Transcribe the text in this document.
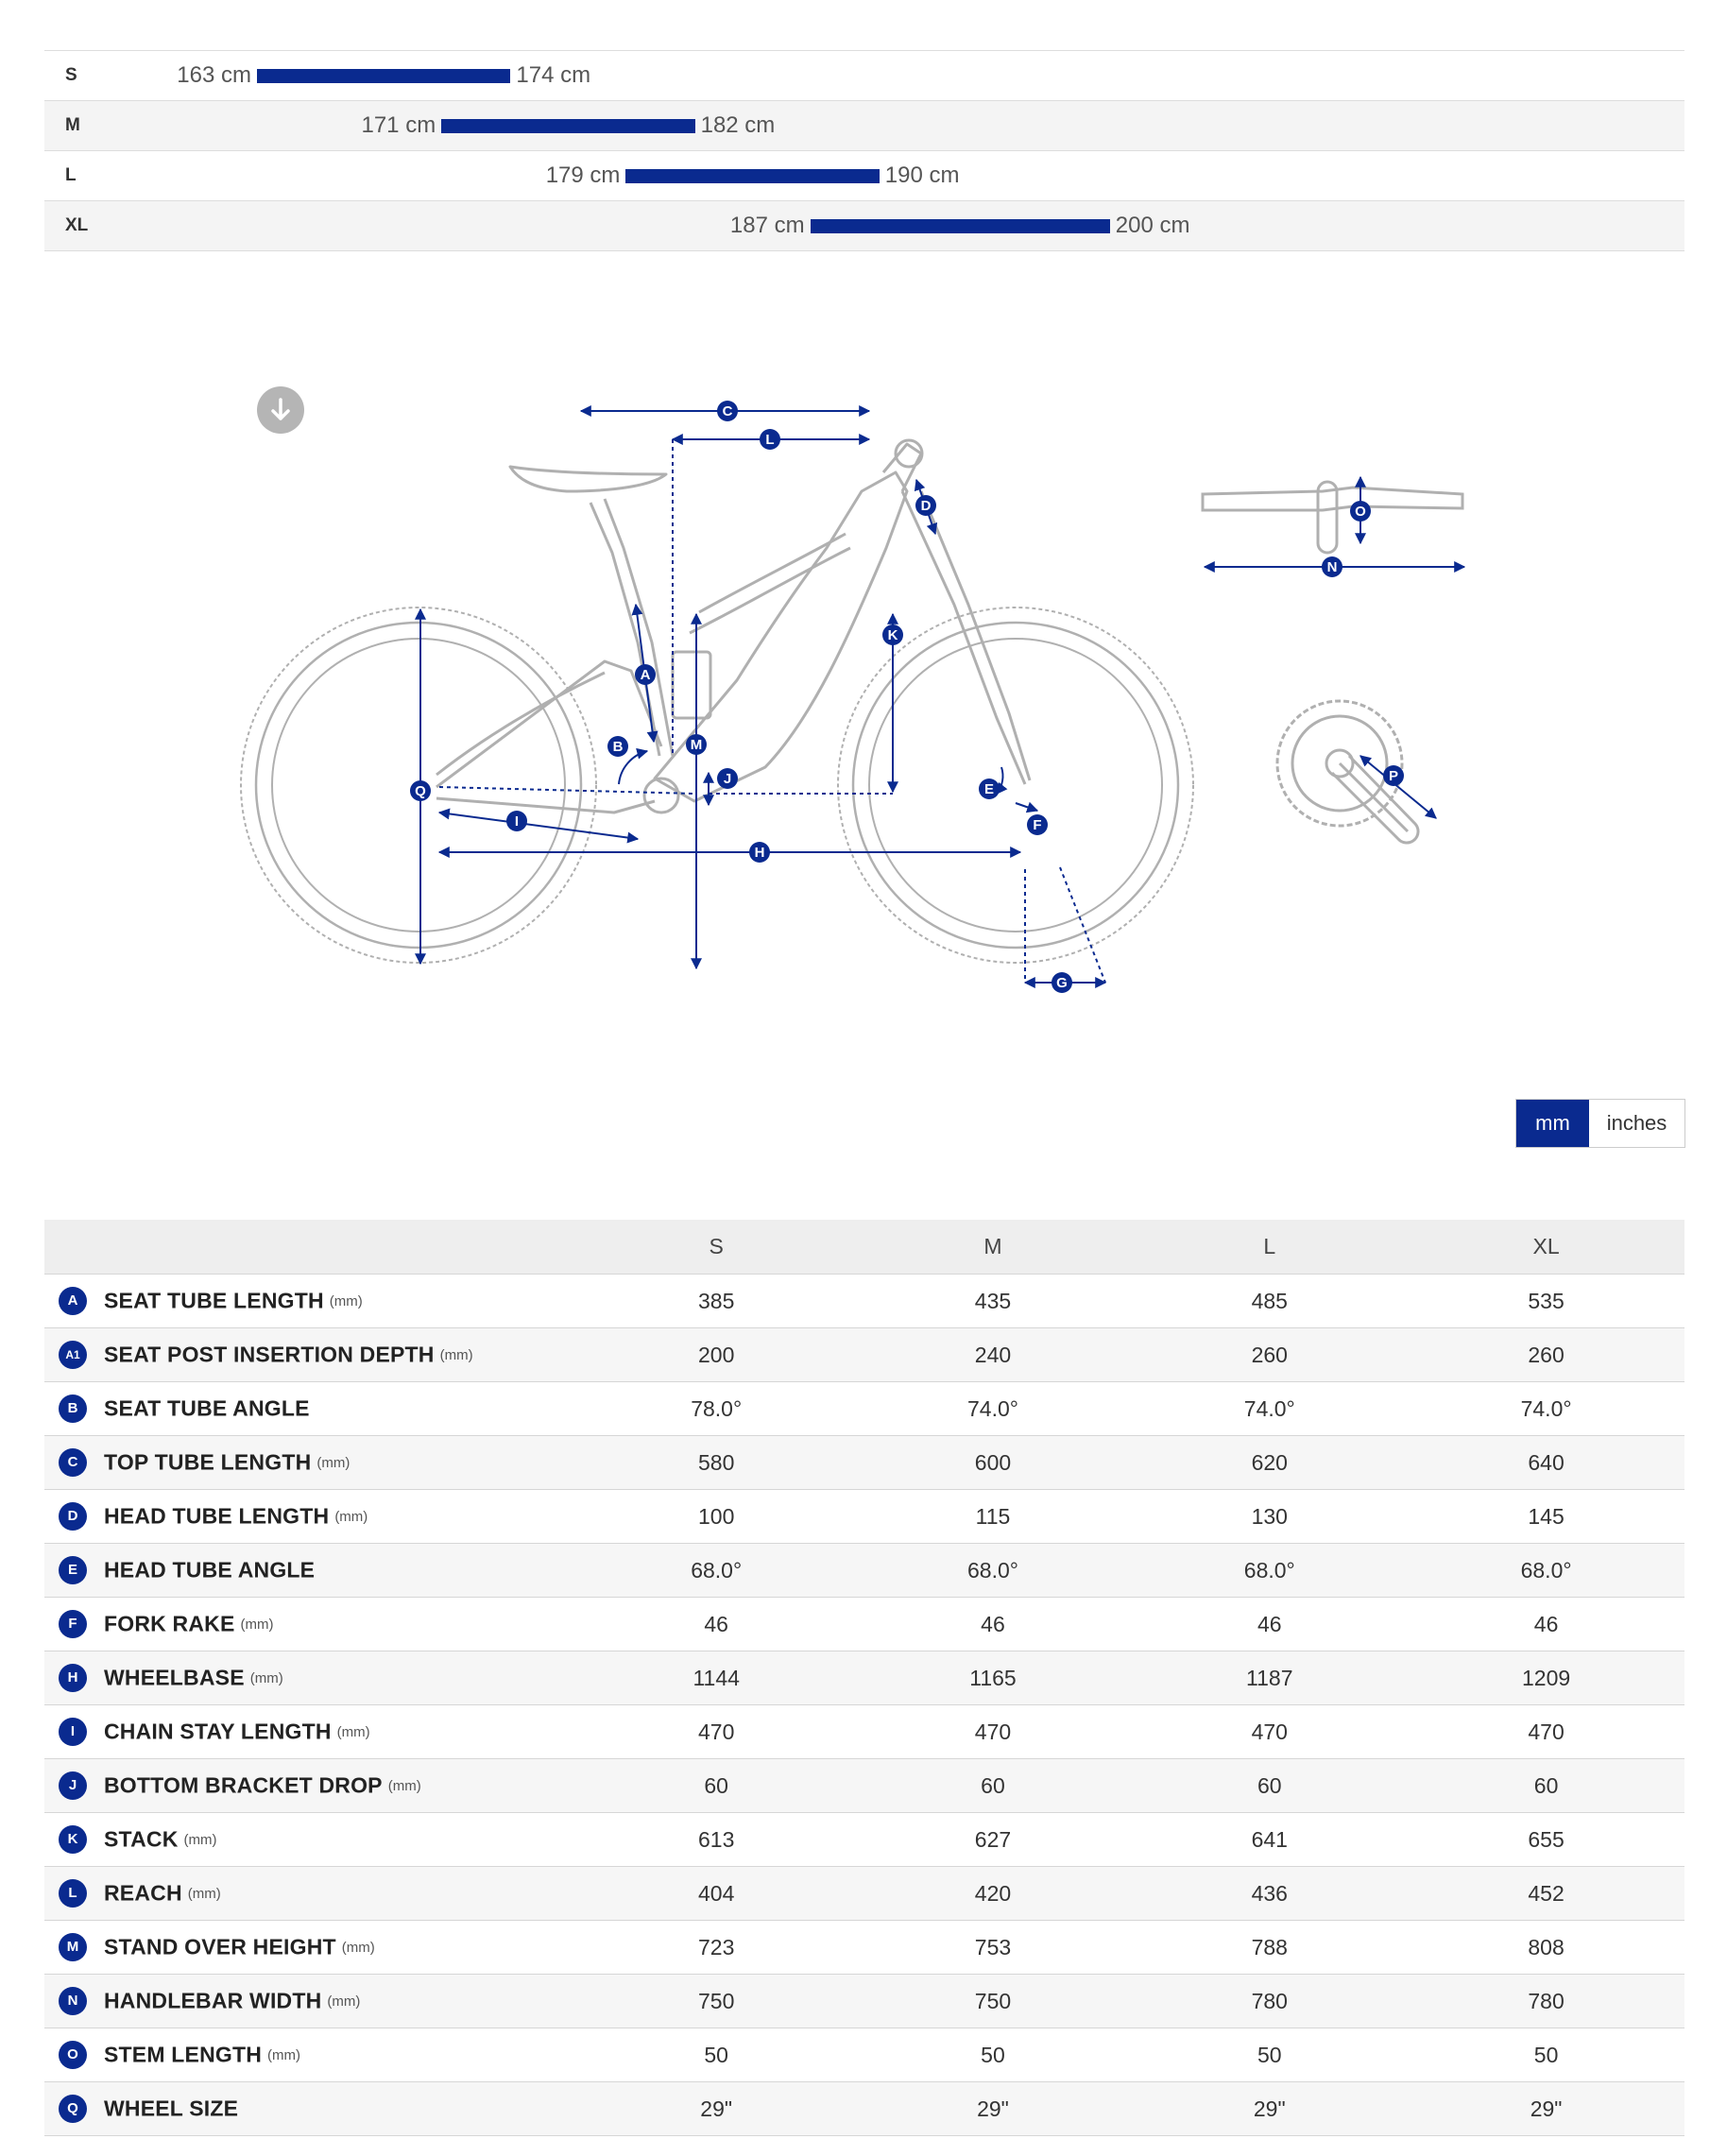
S	163 cm	174 cm
M	171 cm	182 cm
L	179 cm	190 cm
XL	187 cm	200 cm
C
L
D
K
A
B	M
J
Q
I
H
E
F
G
O
N
P
mm	inches
	S	M	L	XL
A SEAT TUBE LENGTH (mm)	385	435	485	535
A1 SEAT POST INSERTION DEPTH (mm)	200	240	260	260
B SEAT TUBE ANGLE	78.0°	74.0°	74.0°	74.0°
C TOP TUBE LENGTH (mm)	580	600	620	640
D HEAD TUBE LENGTH (mm)	100	115	130	145
E HEAD TUBE ANGLE	68.0°	68.0°	68.0°	68.0°
F FORK RAKE (mm)	46	46	46	46
H WHEELBASE (mm)	1144	1165	1187	1209
I CHAIN STAY LENGTH (mm)	470	470	470	470
J BOTTOM BRACKET DROP (mm)	60	60	60	60
K STACK (mm)	613	627	641	655
L REACH (mm)	404	420	436	452
M STAND OVER HEIGHT (mm)	723	753	788	808
N HANDLEBAR WIDTH (mm)	750	750	780	780
O STEM LENGTH (mm)	50	50	50	50
Q WHEEL SIZE	29"	29"	29"	29"
